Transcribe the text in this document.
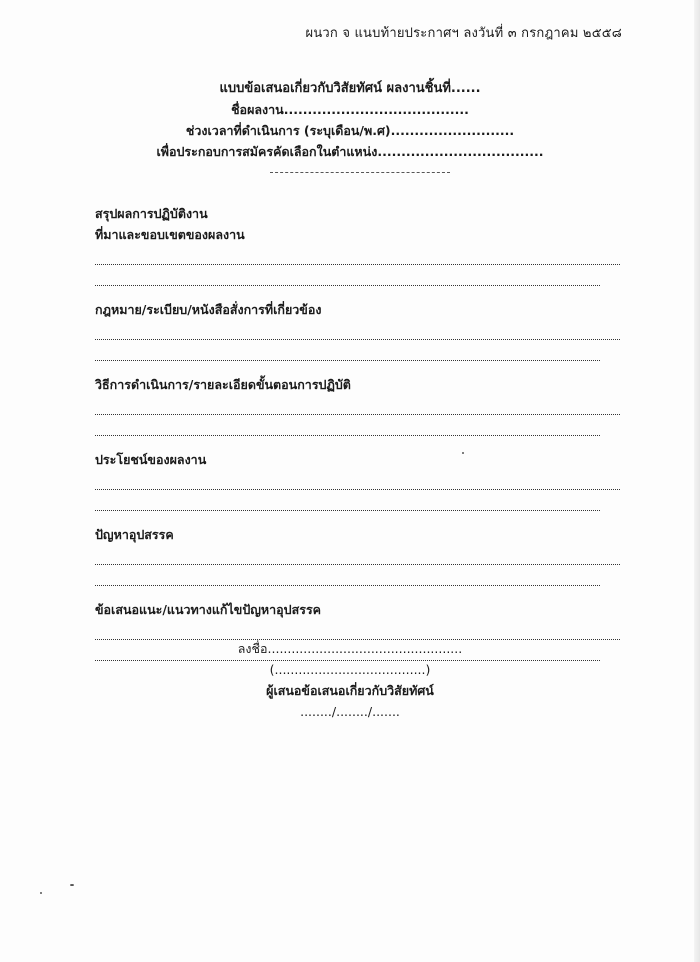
ผนวก จ แนบท้ายประกาศฯ ลงวันที่ ๓ กรกฎาคม ๒๕๕๘
แบบข้อเสนอเกี่ยวกับวิสัยทัศน์ ผลงานชิ้นที่......
ชื่อผลงาน.......................................
ช่วงเวลาที่ดำเนินการ (ระบุเดือน/พ.ศ)..........................
เพื่อประกอบการสมัครคัดเลือกในตำแหน่ง...................................
สรุปผลการปฏิบัติงาน
ที่มาและขอบเขตของผลงาน
กฎหมาย/ระเบียบ/หนังสือสั่งการที่เกี่ยวข้อง
วิธีการดำเนินการ/รายละเอียดขั้นตอนการปฏิบัติ
ประโยชน์ของผลงาน
ปัญหาอุปสรรค
ข้อเสนอแนะ/แนวทางแก้ไขปัญหาอุปสรรค
ลงชื่อ.................................................
(......................................)
ผู้เสนอข้อเสนอเกี่ยวกับวิสัยทัศน์
......../......../.......
